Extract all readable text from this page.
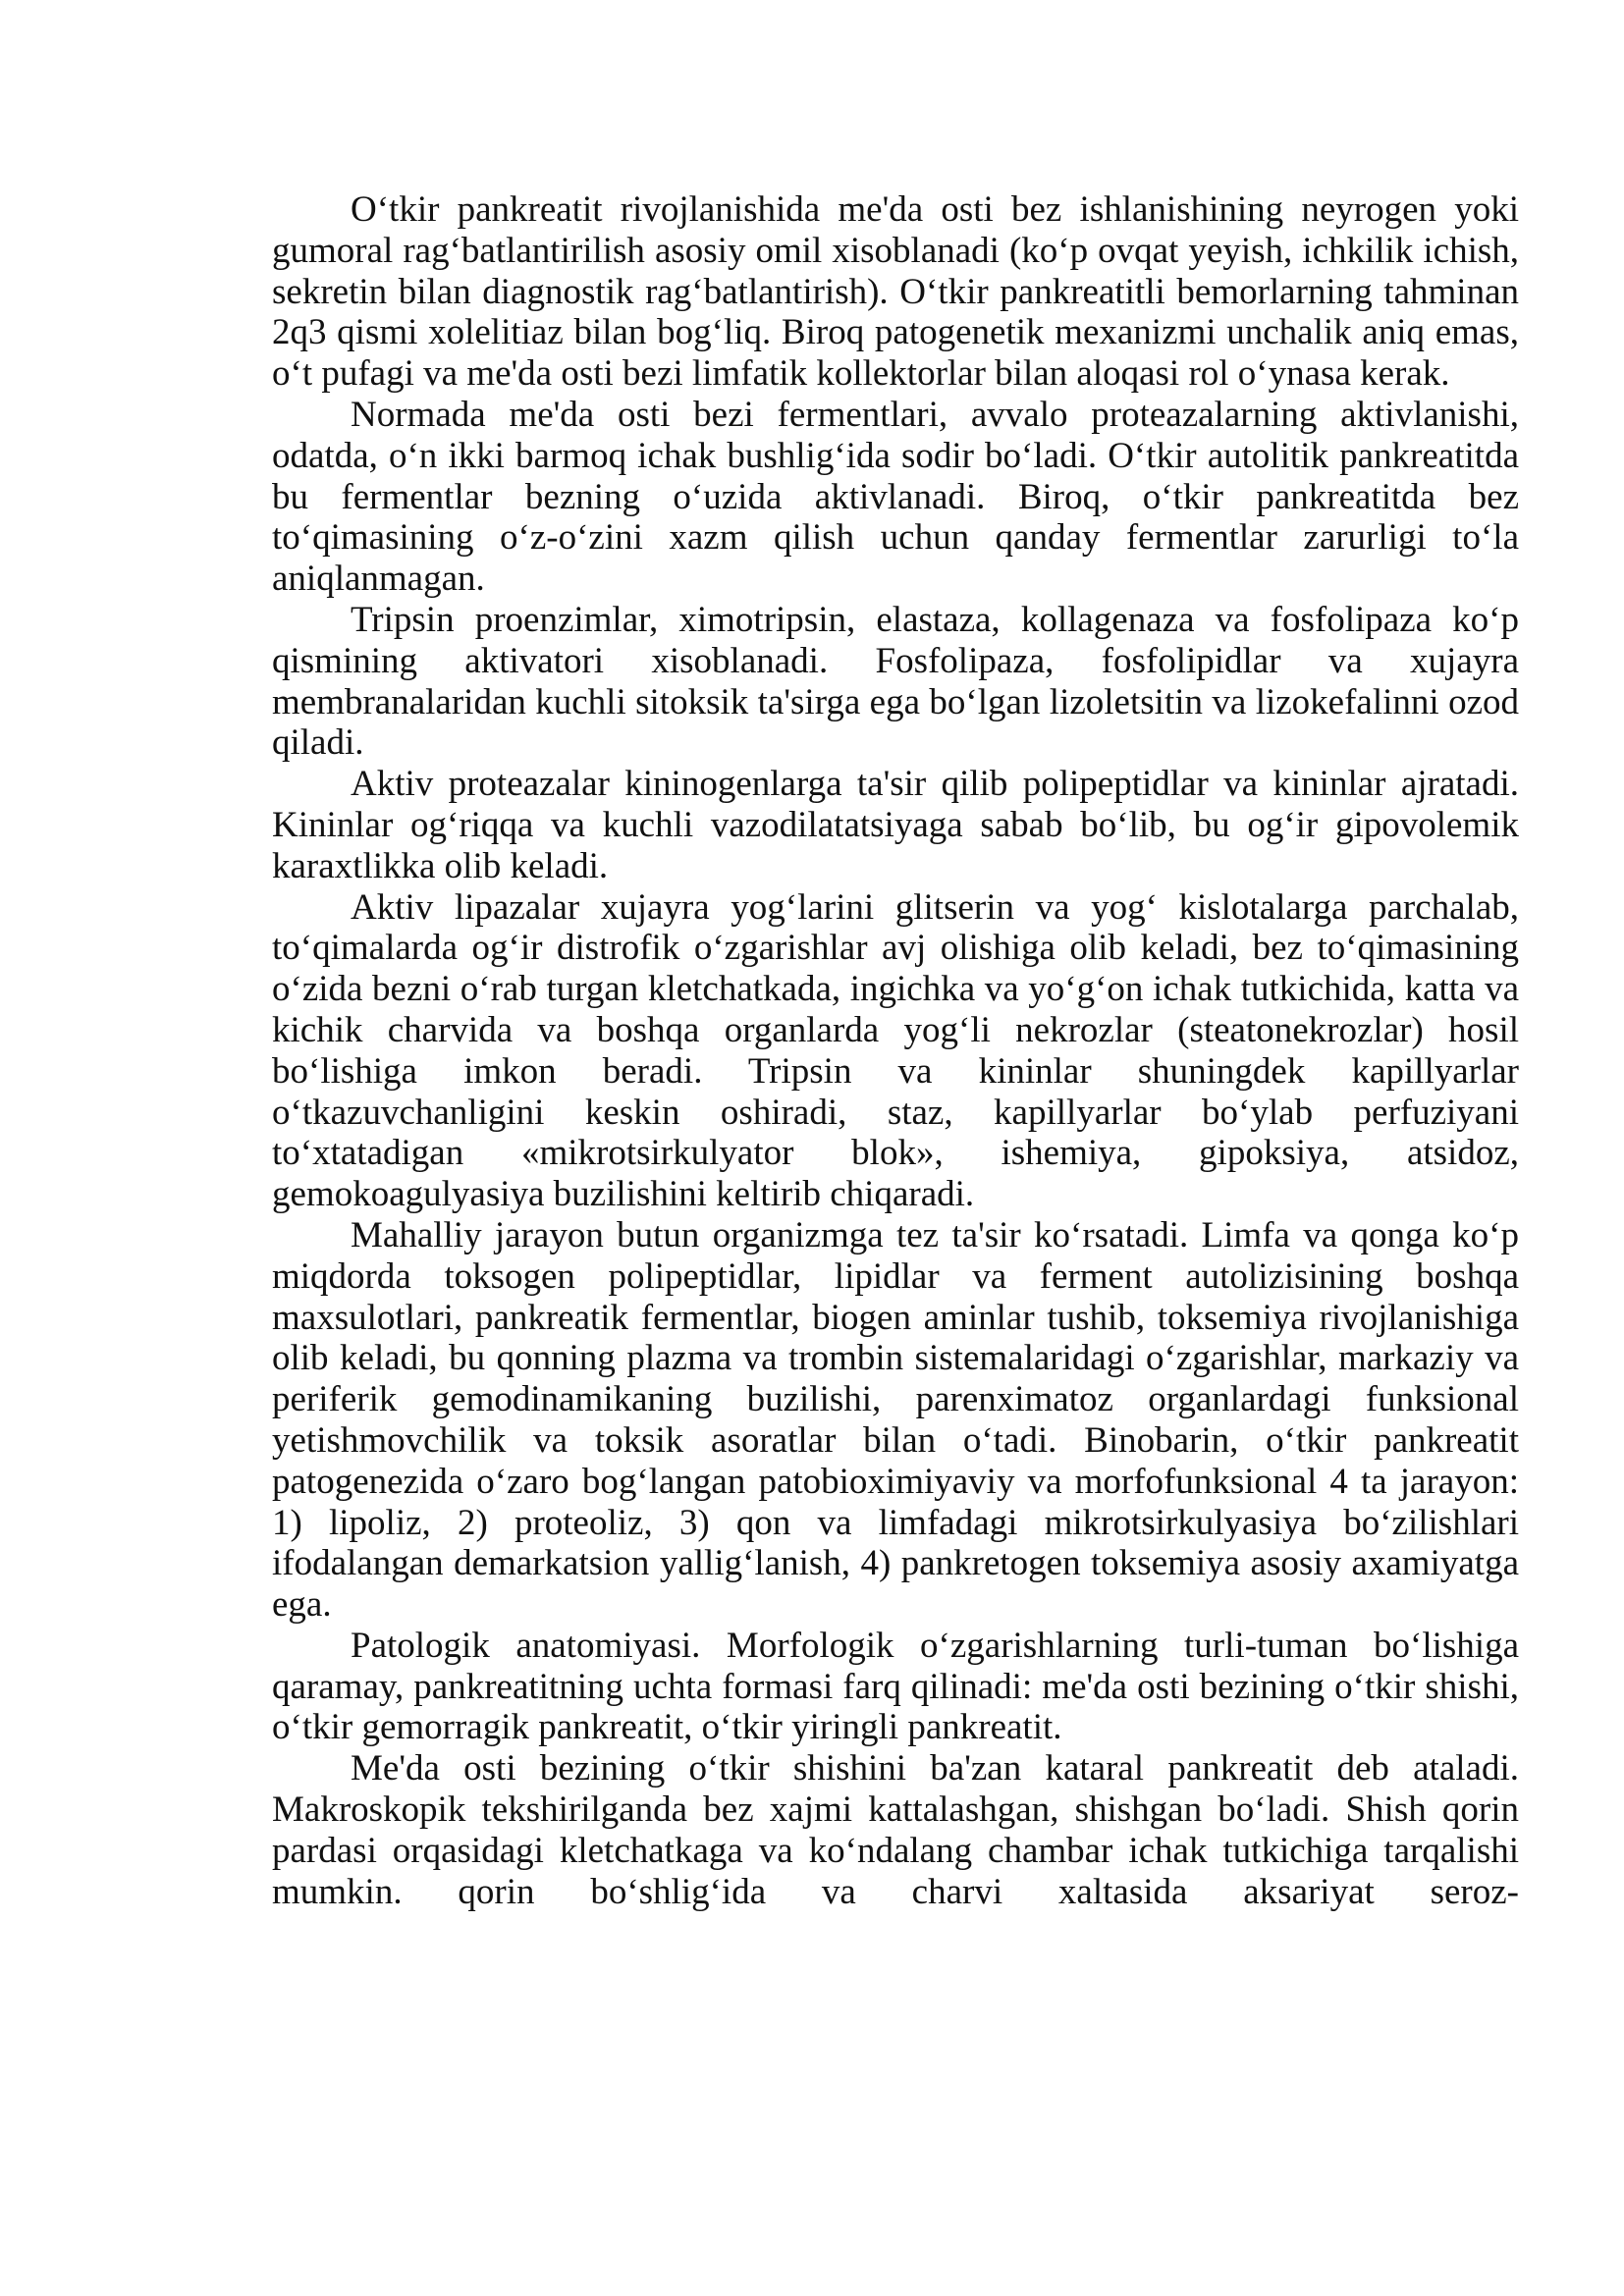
O‘tkir pankreatit rivojlanishida me'da osti bez ishlanishining neyrogen yoki gumoral rag‘batlantirilish asosiy omil xisoblanadi (ko‘p ovqat yeyish, ichkilik ichish, sekretin bilan diagnostik rag‘batlantirish). O‘tkir pankreatitli bemorlarning tahminan 2q3 qismi xolelitiaz bilan bog‘liq. Biroq patogenetik mexanizmi unchalik aniq emas, o‘t pufagi va me'da osti bezi limfatik kollektorlar bilan aloqasi rol o‘ynasa kerak.

Normada me'da osti bezi fermentlari, avvalo proteazalarning aktivlanishi, odatda, o‘n ikki barmoq ichak bushlig‘ida sodir bo‘ladi. O‘tkir autolitik pankreatitda bu fermentlar bezning o‘uzida aktivlanadi. Biroq, o‘tkir pankreatitda bez to‘qimasining o‘z-o‘zini xazm qilish uchun qanday fermentlar zarurligi to‘la aniqlanmagan.

Tripsin proenzimlar, ximotripsin, elastaza, kollagenaza va fosfolipaza ko‘p qismining aktivatori xisoblanadi. Fosfolipaza, fosfolipidlar va xujayra membranalaridan kuchli sitoksik ta'sirga ega bo‘lgan lizoletsitin va lizokefalinni ozod qiladi.

Aktiv proteazalar kininogenlarga ta'sir qilib polipeptidlar va kininlar ajratadi. Kininlar og‘riqqa va kuchli vazodilatatsiyaga sabab bo‘lib, bu og‘ir gipovolemik karaxtlikka olib keladi.

Aktiv lipazalar xujayra yog‘larini glitserin va yog‘ kislotalarga parchalab, to‘qimalarda og‘ir distrofik o‘zgarishlar avj olishiga olib keladi, bez to‘qimasining o‘zida bezni o‘rab turgan kletchatkada, ingichka va yo‘g‘on ichak tutkichida, katta va kichik charvida va boshqa organlarda yog‘li nekrozlar (steatonekrozlar) hosil bo‘lishiga imkon beradi. Tripsin va kininlar shuningdek kapillyarlar o‘tkazuvchanligini keskin oshiradi, staz, kapillyarlar bo‘ylab perfuziyani to‘xtatadigan «mikrotsirkulyator blok», ishemiya, gipoksiya, atsidoz, gemokoagulyasiya buzilishini keltirib chiqaradi.

Mahalliy jarayon butun organizmga tez ta'sir ko‘rsatadi. Limfa va qonga ko‘p miqdorda toksogen polipeptidlar, lipidlar va ferment autolizisining boshqa maxsulotlari, pankreatik fermentlar, biogen aminlar tushib, toksemiya rivojlanishiga olib keladi, bu qonning plazma va trombin sistemalaridagi o‘zgarishlar, markaziy va periferik gemodinamikaning buzilishi, parenximatoz organlardagi funksional yetishmovchilik va toksik asoratlar bilan o‘tadi. Binobarin, o‘tkir pankreatit patogenezida o‘zaro bog‘langan patobioximiyaviy va morfofunksional 4 ta jarayon: 1) lipoliz, 2) proteoliz, 3) qon va limfadagi mikrotsirkulyasiya bo‘zilishlari ifodalangan demarkatsion yallig‘lanish, 4) pankretogen toksemiya asosiy axamiyatga ega.

Patologik anatomiyasi. Morfologik o‘zgarishlarning turli-tuman bo‘lishiga qaramay, pankreatitning uchta formasi farq qilinadi: me'da osti bezining o‘tkir shishi, o‘tkir gemorragik pankreatit, o‘tkir yiringli pankreatit.

Me'da osti bezining o‘tkir shishini ba'zan kataral pankreatit deb ataladi. Makroskopik tekshirilganda bez xajmi kattalashgan, shishgan bo‘ladi. Shish qorin pardasi orqasidagi kletchatkaga va ko‘ndalang chambar ichak tutkichiga tarqalishi mumkin. qorin bo‘shlig‘ida va charvi xaltasida aksariyat seroz-
